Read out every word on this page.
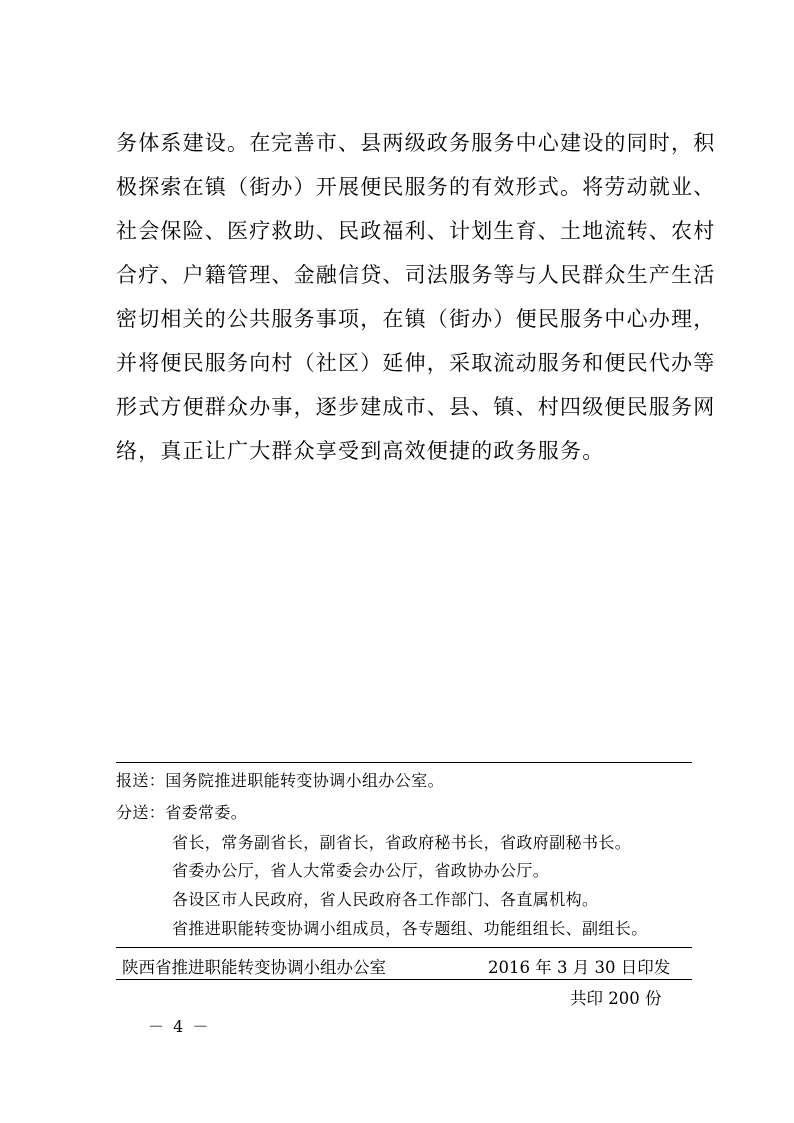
务体系建设。在完善市、县两级政务服务中心建设的同时，积
极探索在镇（街办）开展便民服务的有效形式。将劳动就业、
社会保险、医疗救助、民政福利、计划生育、土地流转、农村
合疗、户籍管理、金融信贷、司法服务等与人民群众生产生活
密切相关的公共服务事项，在镇（街办）便民服务中心办理，
并将便民服务向村（社区）延伸，采取流动服务和便民代办等
形式方便群众办事，逐步建成市、县、镇、村四级便民服务网
络，真正让广大群众享受到高效便捷的政务服务。
报送：国务院推进职能转变协调小组办公室。
分送：省委常委。
省长，常务副省长，副省长，省政府秘书长，省政府副秘书长。
省委办公厅，省人大常委会办公厅，省政协办公厅。
各设区市人民政府，省人民政府各工作部门、各直属机构。
省推进职能转变协调小组成员，各专题组、功能组组长、副组长。
陕西省推进职能转变协调小组办公室	2016 年 3 月 30 日印发
共印 200 份
－ 4 －
